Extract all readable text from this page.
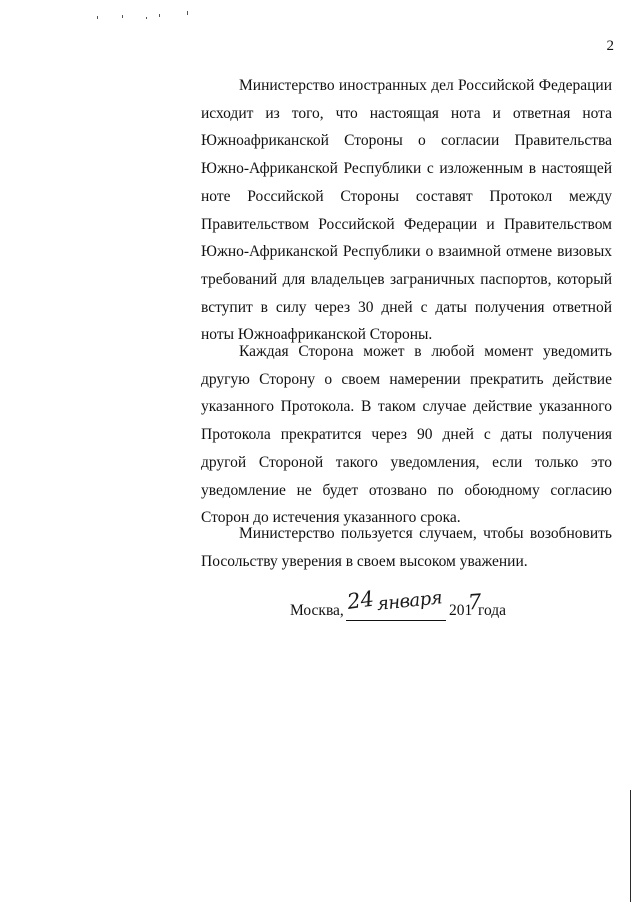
2

Министерство иностранных дел Российской Федерации исходит из того, что настоящая нота и ответная нота Южноафриканской Стороны о согласии Правительства Южно-Африканской Республики с изложенным в настоящей ноте Российской Стороны составят Протокол между Правительством Российской Федерации и Правительством Южно-Африканской Республики о взаимной отмене визовых требований для владельцев заграничных паспортов, который вступит в силу через 30 дней с даты получения ответной ноты Южноафриканской Стороны.

Каждая Сторона может в любой момент уведомить другую Сторону о своем намерении прекратить действие указанного Протокола. В таком случае действие указанного Протокола прекратится через 90 дней с даты получения другой Стороной такого уведомления, если только это уведомление не будет отозвано по обоюдному согласию Сторон до истечения указанного срока.

Министерство пользуется случаем, чтобы возобновить Посольству уверения в своем высоком уважении.

Москва, 24 января 201
7
года
